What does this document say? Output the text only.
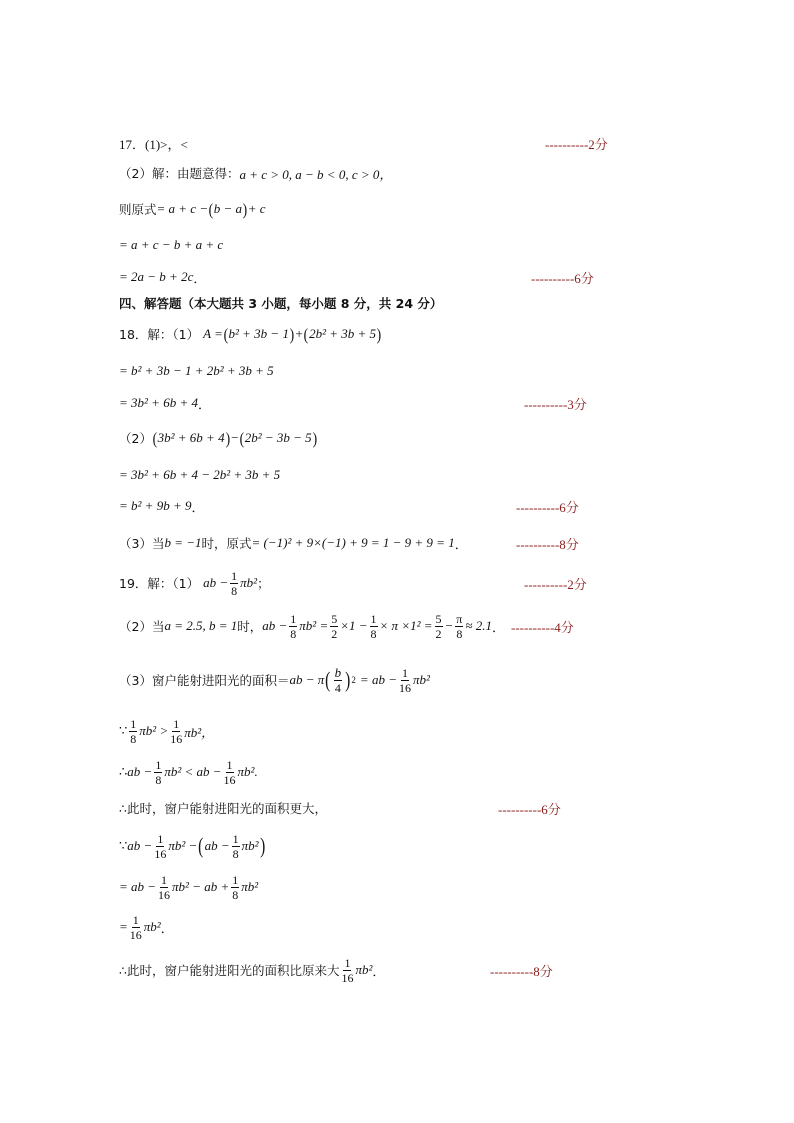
17． (1)>，<	----------2分
（2）解：由题意得： a + c > 0, a − b < 0, c > 0，
则原式 = a + c − ( b − a ) + c
= a + c − b + a + c
= 2a − b + 2c ．	----------6分
四、解答题（本大题共 3 小题，每小题 8 分，共 24 分）
18．解：（1） A = ( b² + 3b − 1 ) + ( 2b² + 3b + 5 )
= b² + 3b − 1 + 2b² + 3b + 5
= 3b² + 6b + 4 ．	----------3分
（2） ( 3b² + 6b + 4 ) − ( 2b² − 3b − 5 )
= 3b² + 6b + 4 − 2b² + 3b + 5
= b² + 9b + 9 ．	----------6分
（3）当 b = −1 时，原式 = (−1)² + 9×(−1) + 9 = 1 − 9 + 9 = 1 ．	----------8分
19．解：（1） ab − $\frac{1}{8} \pi b^2$ ；	----------2分
（2）当 a = 2.5, b = 1 时， ab − $\frac{1}{8} \pi b^2 = \frac{5}{2} \times 1 - \frac{1}{8} \times \pi \times 1^2 = \frac{5}{2} - \frac{\pi}{8} \approx 2.1$ ． ----------4分
（3）窗户能射进阳光的面积＝ ab − π ( $\frac{b}{4}$ ) 2 = ab − $\frac{1}{16} \pi b^2$
∵ $\frac{1}{8} \pi b^2 > \frac{1}{16} \pi b^2$，
∴ ab − $\frac{1}{8} \pi b^2$ < ab − $\frac{1}{16} \pi b^2$.
∴此时，窗户能射进阳光的面积更大，	----------6分
∵ ab − $\frac{1}{16} \pi b^2$ − ( ab − $\frac{1}{8} \pi b^2$ )
= ab − $\frac{1}{16} \pi b^2$ − ab + $\frac{1}{8} \pi b^2$
= $\frac{1}{16} \pi b^2$ ．
∴此时，窗户能射进阳光的面积比原来大 $\frac{1}{16} \pi b^2$ ．	----------8分
